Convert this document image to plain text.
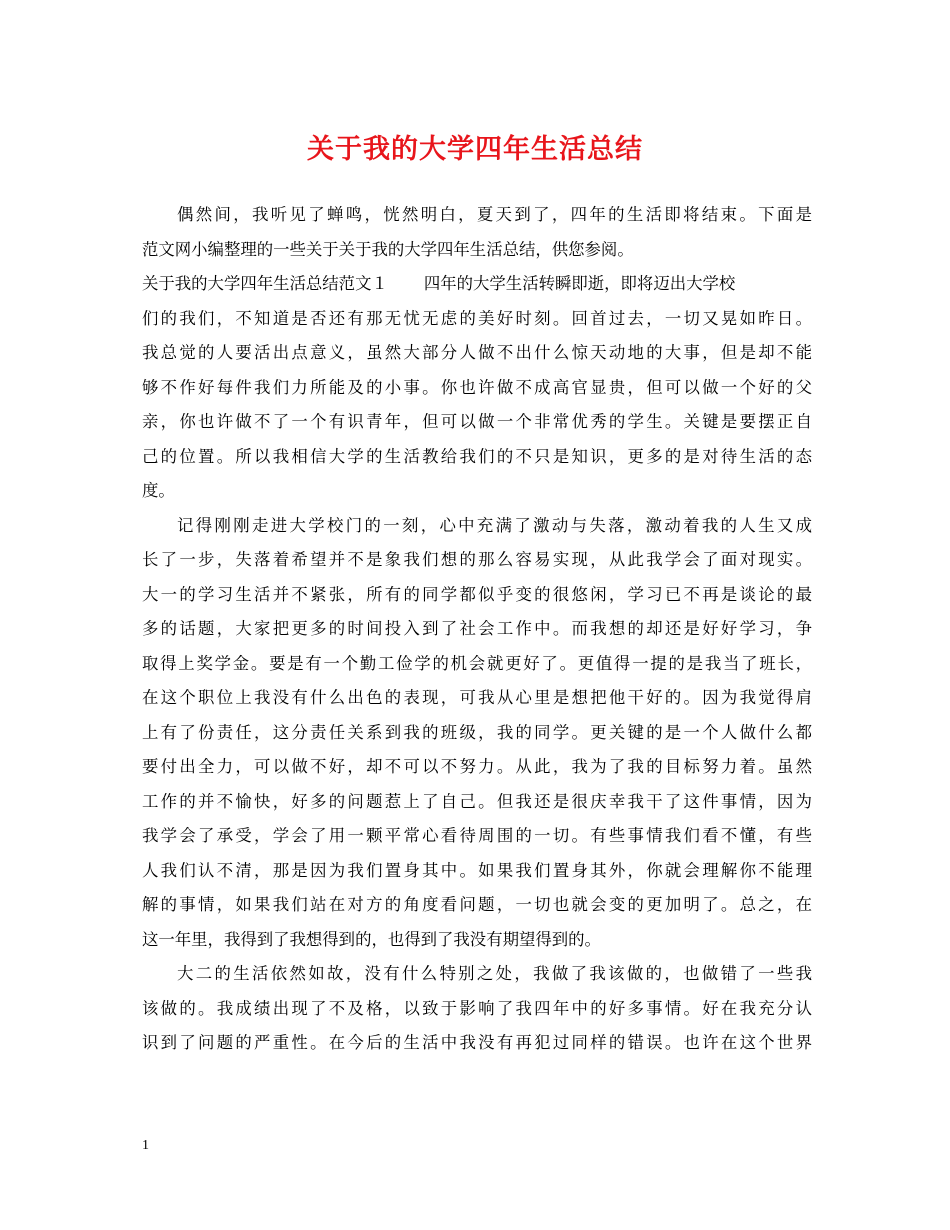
关于我的大学四年生活总结
偶然间，我听见了蝉鸣，恍然明白，夏天到了，四年的生活即将结束。下面是
范文网小编整理的一些关于关于我的大学四年生活总结，供您参阅。
关于我的大学四年生活总结范文１ 四年的大学生活转瞬即逝，即将迈出大学校
们的我们，不知道是否还有那无忧无虑的美好时刻。回首过去，一切又晃如昨日。
我总觉的人要活出点意义，虽然大部分人做不出什么惊天动地的大事，但是却不能
够不作好每件我们力所能及的小事。你也许做不成高官显贵，但可以做一个好的父
亲，你也许做不了一个有识青年，但可以做一个非常优秀的学生。关键是要摆正自
己的位置。所以我相信大学的生活教给我们的不只是知识，更多的是对待生活的态
度。
记得刚刚走进大学校门的一刻，心中充满了激动与失落，激动着我的人生又成
长了一步，失落着希望并不是象我们想的那么容易实现，从此我学会了面对现实。
大一的学习生活并不紧张，所有的同学都似乎变的很悠闲，学习已不再是谈论的最
多的话题，大家把更多的时间投入到了社会工作中。而我想的却还是好好学习，争
取得上奖学金。要是有一个勤工俭学的机会就更好了。更值得一提的是我当了班长，
在这个职位上我没有什么出色的表现，可我从心里是想把他干好的。因为我觉得肩
上有了份责任，这分责任关系到我的班级，我的同学。更关键的是一个人做什么都
要付出全力，可以做不好，却不可以不努力。从此，我为了我的目标努力着。虽然
工作的并不愉快，好多的问题惹上了自己。但我还是很庆幸我干了这件事情，因为
我学会了承受，学会了用一颗平常心看待周围的一切。有些事情我们看不懂，有些
人我们认不清，那是因为我们置身其中。如果我们置身其外，你就会理解你不能理
解的事情，如果我们站在对方的角度看问题，一切也就会变的更加明了。总之，在
这一年里，我得到了我想得到的，也得到了我没有期望得到的。
大二的生活依然如故，没有什么特别之处，我做了我该做的，也做错了一些我
该做的。我成绩出现了不及格，以致于影响了我四年中的好多事情。好在我充分认
识到了问题的严重性。在今后的生活中我没有再犯过同样的错误。也许在这个世界
1
